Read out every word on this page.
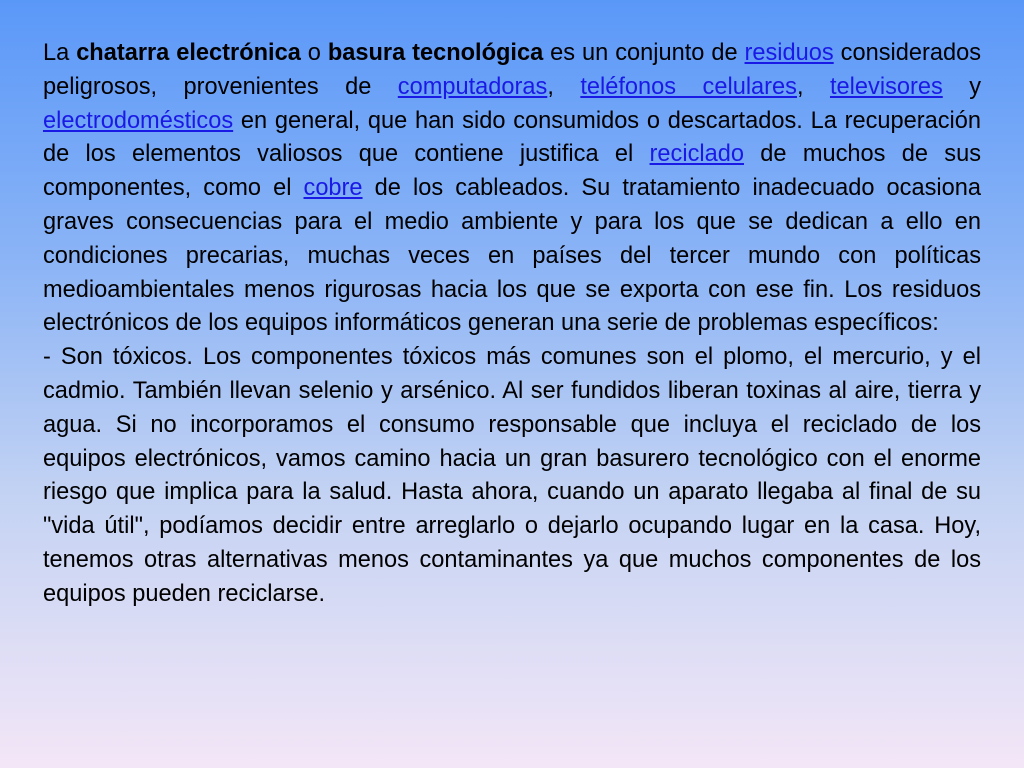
La chatarra electrónica o basura tecnológica es un conjunto de residuos considerados peligrosos, provenientes de computadoras, teléfonos celulares, televisores y electrodomésticos en general, que han sido consumidos o descartados. La recuperación de los elementos valiosos que contiene justifica el reciclado de muchos de sus componentes, como el cobre de los cableados. Su tratamiento inadecuado ocasiona graves consecuencias para el medio ambiente y para los que se dedican a ello en condiciones precarias, muchas veces en países del tercer mundo con políticas medioambientales menos rigurosas hacia los que se exporta con ese fin. Los residuos electrónicos de los equipos informáticos generan una serie de problemas específicos:

- Son tóxicos. Los componentes tóxicos más comunes son el plomo, el mercurio, y el cadmio. También llevan selenio y arsénico. Al ser fundidos liberan toxinas al aire, tierra y agua. Si no incorporamos el consumo responsable que incluya el reciclado de los equipos electrónicos, vamos camino hacia un gran basurero tecnológico con el enorme riesgo que implica para la salud. Hasta ahora, cuando un aparato llegaba al final de su "vida útil", podíamos decidir entre arreglarlo o dejarlo ocupando lugar en la casa. Hoy, tenemos otras alternativas menos contaminantes ya que muchos componentes de los equipos pueden reciclarse.
